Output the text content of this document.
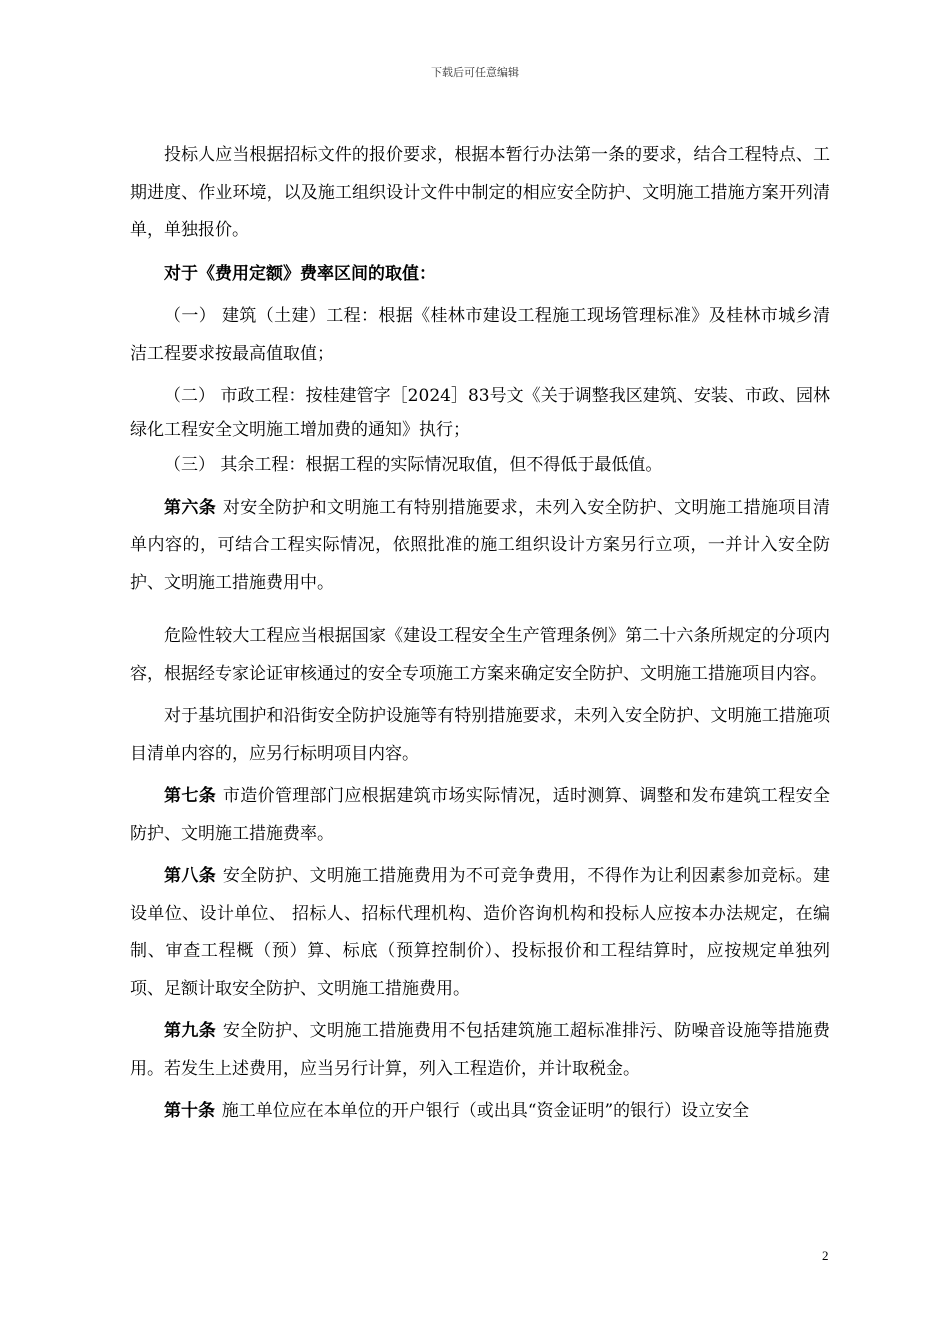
下载后可任意编辑

投标人应当根据招标文件的报价要求，根据本暂行办法第一条的要求，结合工程特点、工期进度、作业环境，以及施工组织设计文件中制定的相应安全防护、文明施工措施方案开列清单，单独报价。

对于《费用定额》费率区间的取值：

（一） 建筑（土建）工程：根据《桂林市建设工程施工现场管理标准》及桂林市城乡清洁工程要求按最高值取值；

（二） 市政工程：按桂建管字［2024］83号文《关于调整我区建筑、安装、市政、园林绿化工程安全文明施工增加费的通知》执行；

（三） 其余工程：根据工程的实际情况取值，但不得低于最低值。

第六条 对安全防护和文明施工有特别措施要求，未列入安全防护、文明施工措施项目清单内容的，可结合工程实际情况，依照批准的施工组织设计方案另行立项，一并计入安全防护、文明施工措施费用中。

危险性较大工程应当根据国家《建设工程安全生产管理条例》第二十六条所规定的分项内容，根据经专家论证审核通过的安全专项施工方案来确定安全防护、文明施工措施项目内容。

对于基坑围护和沿街安全防护设施等有特别措施要求，未列入安全防护、文明施工措施项目清单内容的，应另行标明项目内容。

第七条 市造价管理部门应根据建筑市场实际情况，适时测算、调整和发布建筑工程安全防护、文明施工措施费率。

第八条 安全防护、文明施工措施费用为不可竞争费用，不得作为让利因素参加竞标。建设单位、设计单位、 招标人、招标代理机构、造价咨询机构和投标人应按本办法规定，在编制、审查工程概（预）算、标底（预算控制价）、投标报价和工程结算时，应按规定单独列项、足额计取安全防护、文明施工措施费用。

第九条 安全防护、文明施工措施费用不包括建筑施工超标准排污、防噪音设施等措施费用。若发生上述费用，应当另行计算，列入工程造价，并计取税金。

第十条 施工单位应在本单位的开户银行（或出具“资金证明”的银行）设立安全

2
